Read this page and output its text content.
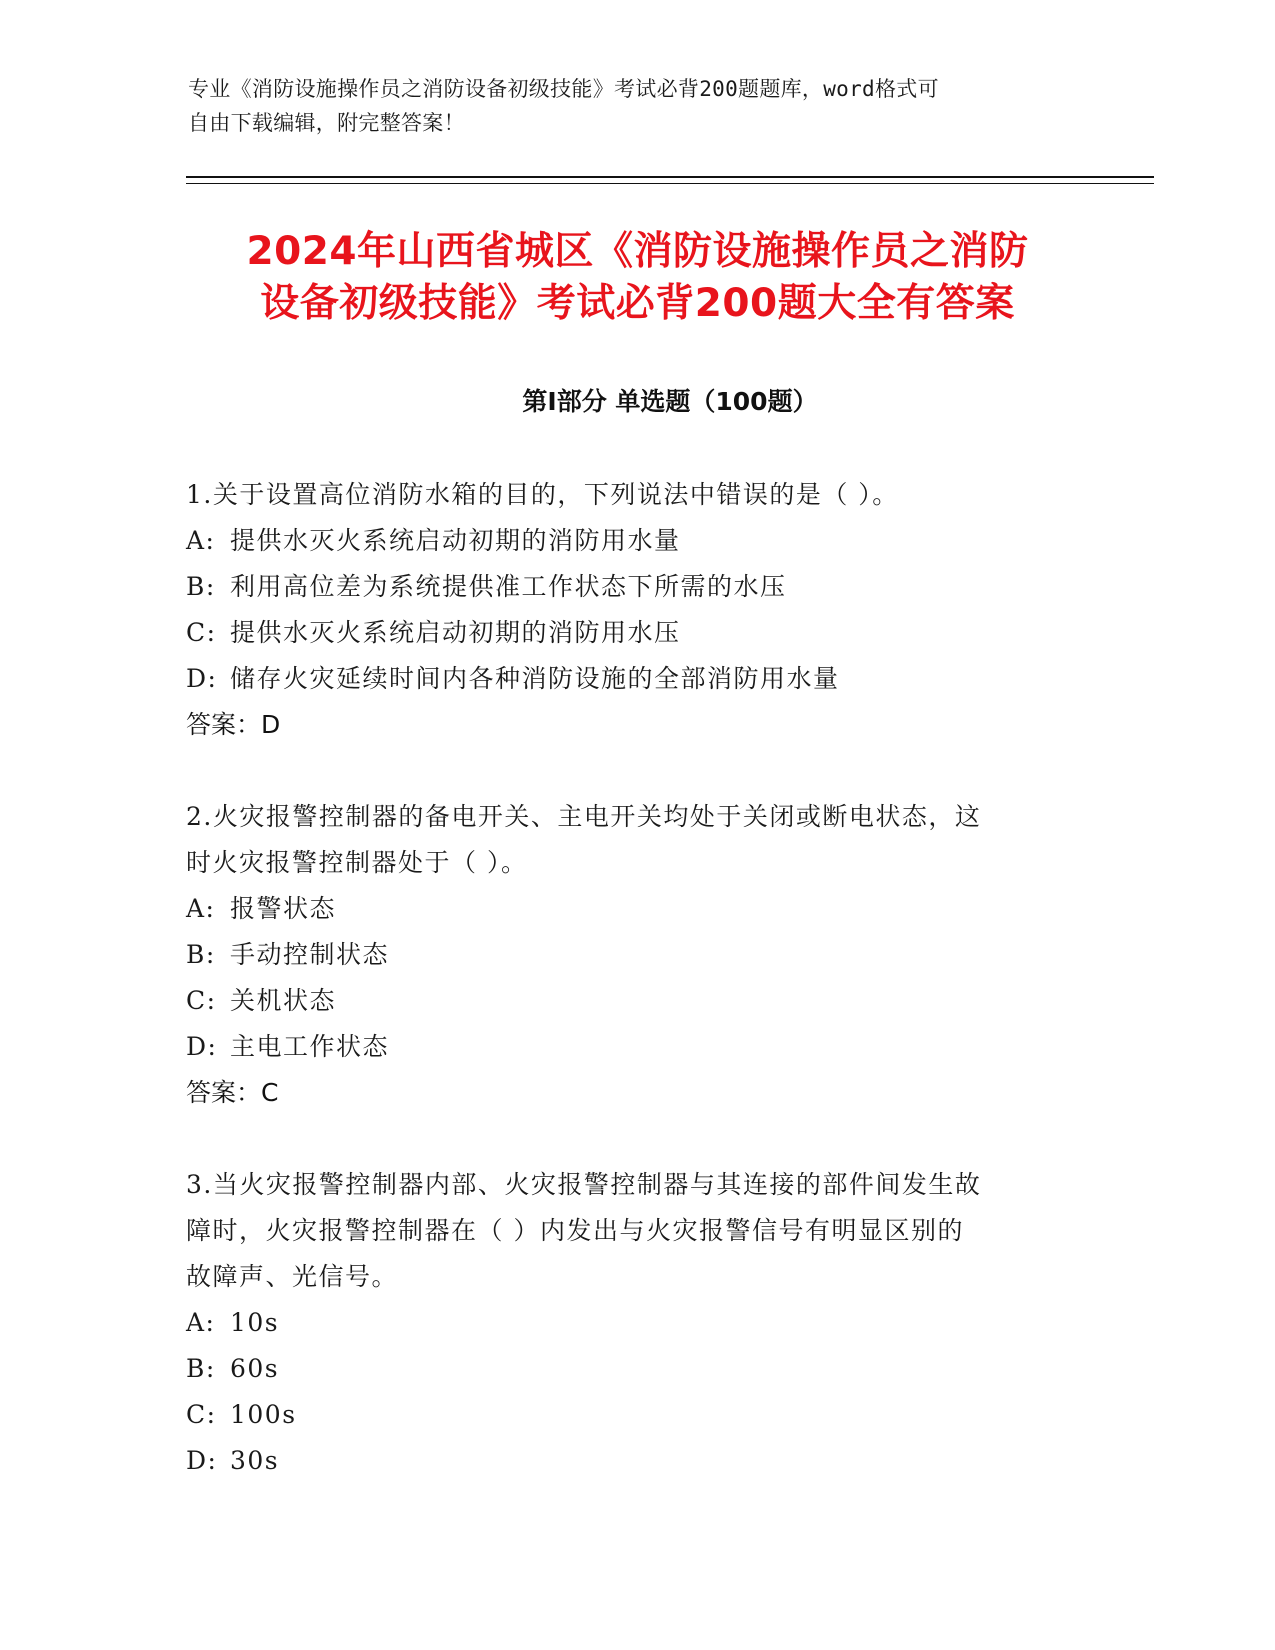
专业《消防设施操作员之消防设备初级技能》考试必背200题题库，word格式可
自由下载编辑，附完整答案！
2024年山西省城区《消防设施操作员之消防
设备初级技能》考试必背200题大全有答案
第Ⅰ部分 单选题（100题）
1.关于设置高位消防水箱的目的，下列说法中错误的是（ ）。
A: 提供水灭火系统启动初期的消防用水量
B: 利用高位差为系统提供准工作状态下所需的水压
C: 提供水灭火系统启动初期的消防用水压
D: 储存火灾延续时间内各种消防设施的全部消防用水量
答案：D
2.火灾报警控制器的备电开关、主电开关均处于关闭或断电状态，这
时火灾报警控制器处于（ ）。
A: 报警状态
B: 手动控制状态
C: 关机状态
D: 主电工作状态
答案：C
3.当火灾报警控制器内部、火灾报警控制器与其连接的部件间发生故
障时，火灾报警控制器在（ ）内发出与火灾报警信号有明显区别的
故障声、光信号。
A: 10s
B: 60s
C: 100s
D: 30s
